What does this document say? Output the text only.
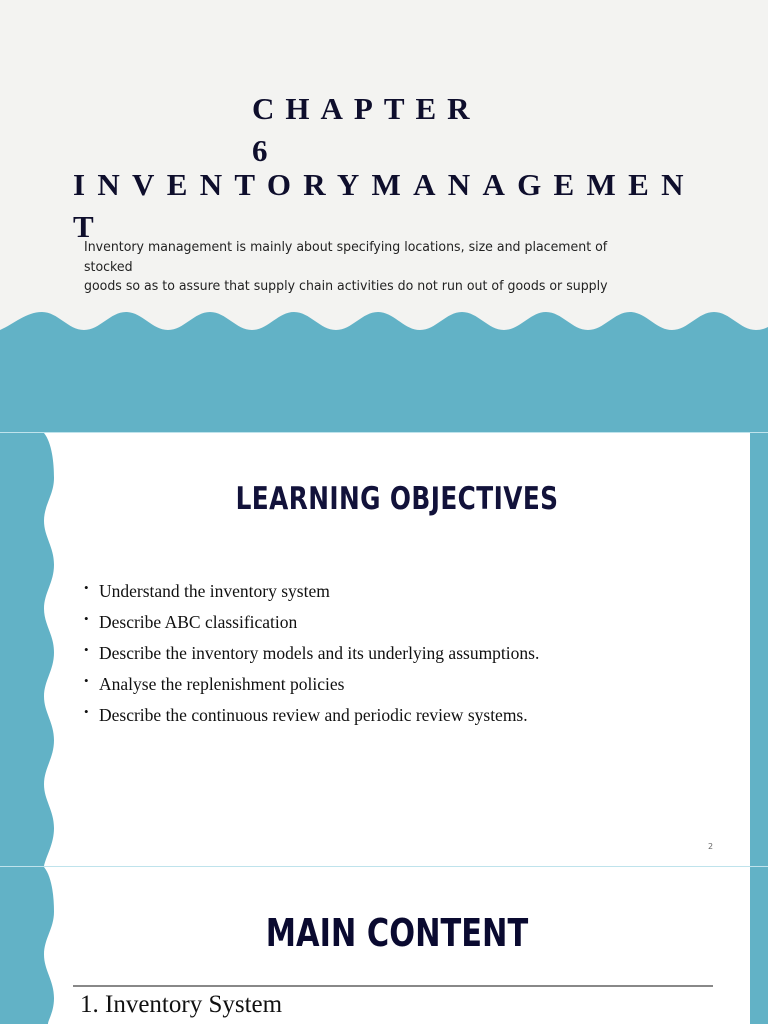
CHAPTER
6
INVENTORYMANAGEMENT
Inventory management is mainly about specifying locations, size and placement of
stocked
goods so as to assure that supply chain activities do not run out of goods or supply
LEARNING OBJECTIVES
• Understand the inventory system
• Describe ABC classification
• Describe the inventory models and its underlying assumptions.
• Analyse the replenishment policies
• Describe the continuous review and periodic review systems.
2
MAIN CONTENT
1. Inventory System
